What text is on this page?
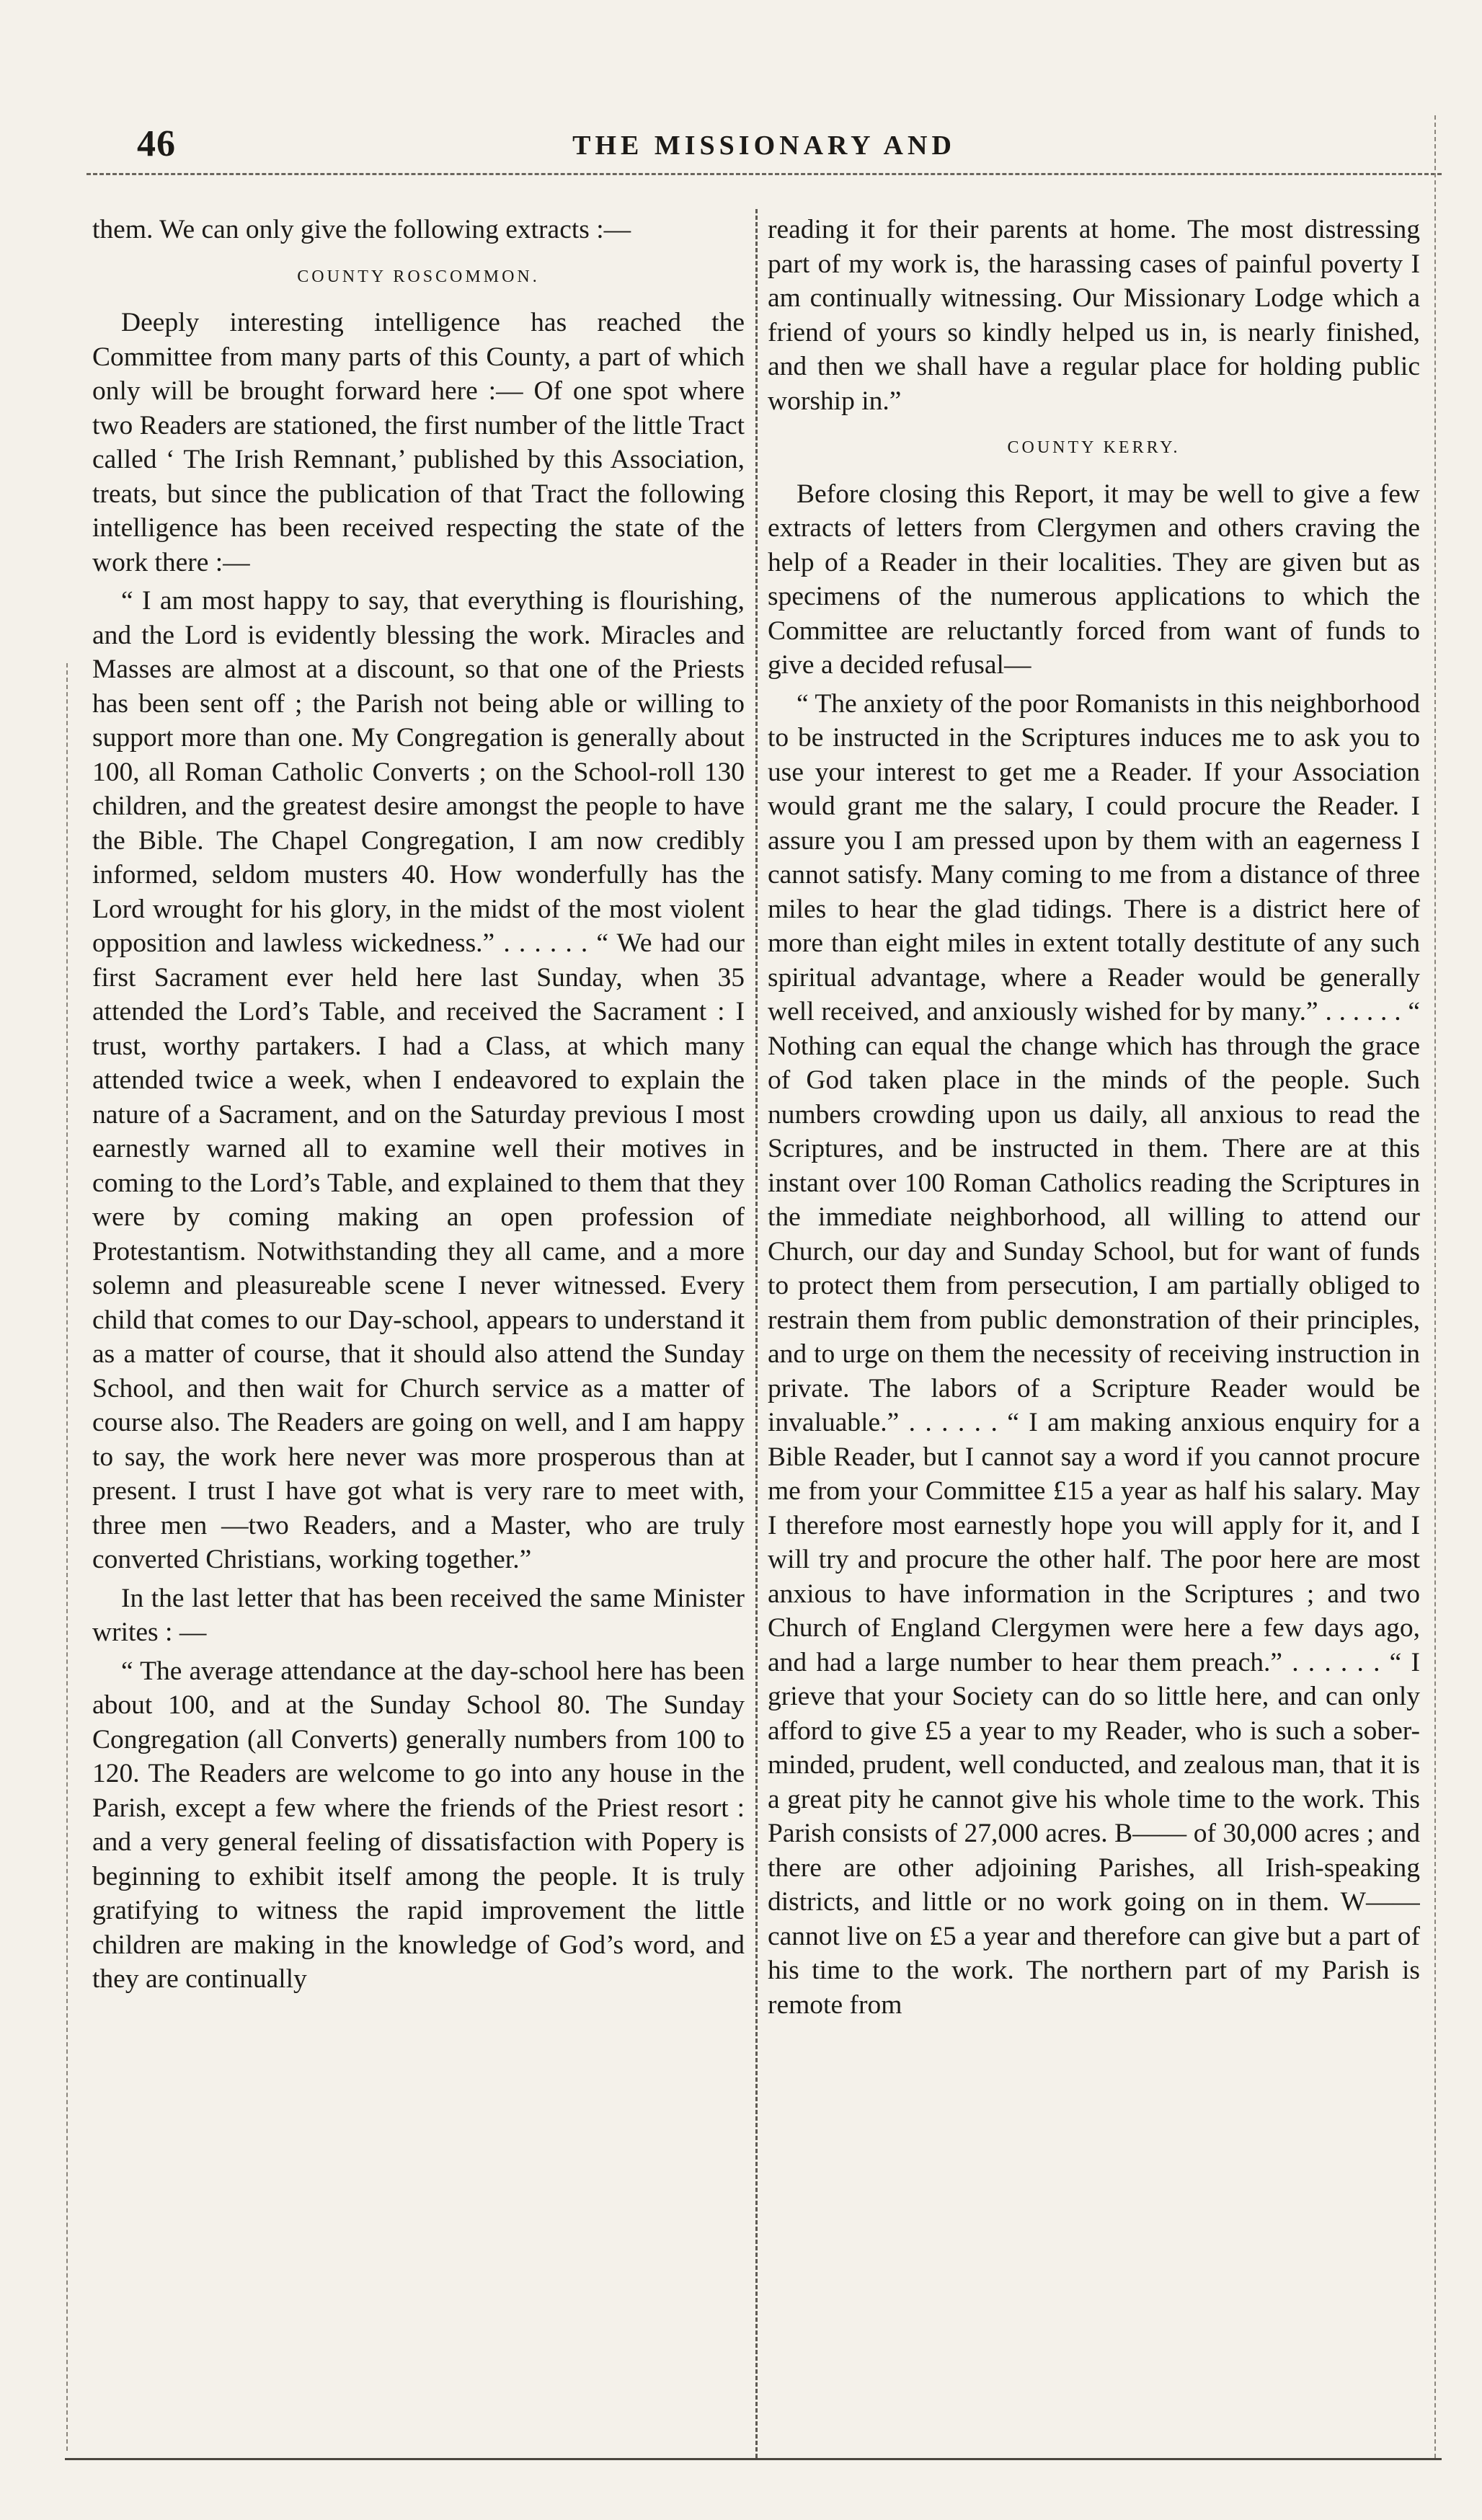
46	THE MISSIONARY AND

them. We can only give the following extracts :—

COUNTY ROSCOMMON.

Deeply interesting intelligence has reached the Committee from many parts of this County, a part of which only will be brought forward here :— Of one spot where two Readers are stationed, the first number of the little Tract called ‘ The Irish Remnant,’ published by this Association, treats, but since the publication of that Tract the following intelligence has been received respecting the state of the work there :—

“ I am most happy to say, that everything is flourishing, and the Lord is evidently blessing the work. Miracles and Masses are almost at a discount, so that one of the Priests has been sent off ; the Parish not being able or willing to support more than one. My Congregation is generally about 100, all Roman Catholic Converts ; on the School-roll 130 children, and the greatest desire amongst the people to have the Bible. The Chapel Congregation, I am now credibly informed, seldom musters 40. How wonderfully has the Lord wrought for his glory, in the midst of the most violent opposition and lawless wickedness.” . . . . . . “ We had our first Sacrament ever held here last Sunday, when 35 attended the Lord’s Table, and received the Sacrament : I trust, worthy partakers. I had a Class, at which many attended twice a week, when I endeavored to explain the nature of a Sacrament, and on the Saturday previous I most earnestly warned all to examine well their motives in coming to the Lord’s Table, and explained to them that they were by coming making an open profession of Protestantism. Notwithstanding they all came, and a more solemn and pleasureable scene I never witnessed. Every child that comes to our Day-school, appears to understand it as a matter of course, that it should also attend the Sunday School, and then wait for Church service as a matter of course also. The Readers are going on well, and I am happy to say, the work here never was more prosperous than at present. I trust I have got what is very rare to meet with, three men —two Readers, and a Master, who are truly converted Christians, working together.”

In the last letter that has been received the same Minister writes : —

“ The average attendance at the day-school here has been about 100, and at the Sunday School 80. The Sunday Congregation (all Converts) generally numbers from 100 to 120. The Readers are welcome to go into any house in the Parish, except a few where the friends of the Priest resort : and a very general feeling of dissatisfaction with Popery is beginning to exhibit itself among the people. It is truly gratifying to witness the rapid improvement the little children are making in the knowledge of God’s word, and they are continually

reading it for their parents at home. The most distressing part of my work is, the harassing cases of painful poverty I am continually witnessing. Our Missionary Lodge which a friend of yours so kindly helped us in, is nearly finished, and then we shall have a regular place for holding public worship in.”

COUNTY KERRY.

Before closing this Report, it may be well to give a few extracts of letters from Clergymen and others craving the help of a Reader in their localities. They are given but as specimens of the numerous applications to which the Committee are reluctantly forced from want of funds to give a decided refusal—

“ The anxiety of the poor Romanists in this neighborhood to be instructed in the Scriptures induces me to ask you to use your interest to get me a Reader. If your Association would grant me the salary, I could procure the Reader. I assure you I am pressed upon by them with an eagerness I cannot satisfy. Many coming to me from a distance of three miles to hear the glad tidings. There is a district here of more than eight miles in extent totally destitute of any such spiritual advantage, where a Reader would be generally well received, and anxiously wished for by many.” . . . . . . “ Nothing can equal the change which has through the grace of God taken place in the minds of the people. Such numbers crowding upon us daily, all anxious to read the Scriptures, and be instructed in them. There are at this instant over 100 Roman Catholics reading the Scriptures in the immediate neighborhood, all willing to attend our Church, our day and Sunday School, but for want of funds to protect them from persecution, I am partially obliged to restrain them from public demonstration of their principles, and to urge on them the necessity of receiving instruction in private. The labors of a Scripture Reader would be invaluable.” . . . . . . “ I am making anxious enquiry for a Bible Reader, but I cannot say a word if you cannot procure me from your Committee £15 a year as half his salary. May I therefore most earnestly hope you will apply for it, and I will try and procure the other half. The poor here are most anxious to have information in the Scriptures ; and two Church of England Clergymen were here a few days ago, and had a large number to hear them preach.” . . . . . . “ I grieve that your Society can do so little here, and can only afford to give £5 a year to my Reader, who is such a sober-minded, prudent, well conducted, and zealous man, that it is a great pity he cannot give his whole time to the work. This Parish consists of 27,000 acres. B—— of 30,000 acres ; and there are other adjoining Parishes, all Irish-speaking districts, and little or no work going on in them. W—— cannot live on £5 a year and therefore can give but a part of his time to the work. The northern part of my Parish is remote from
